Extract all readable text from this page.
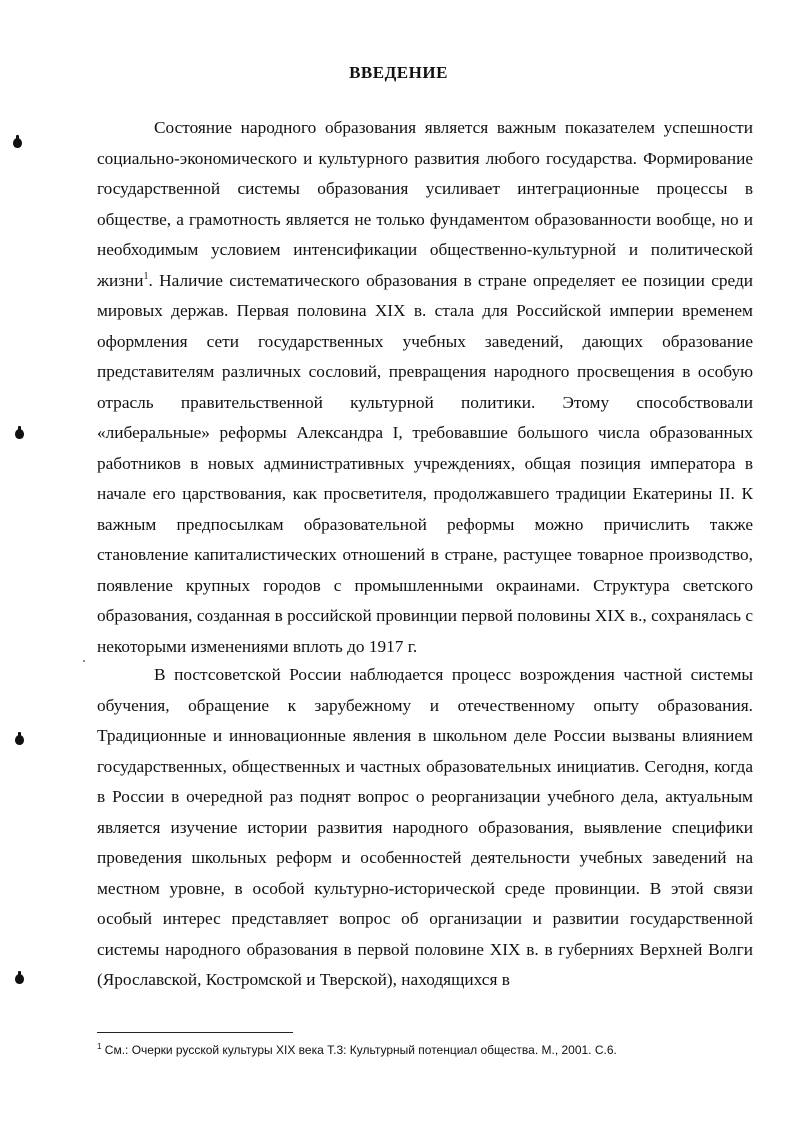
ВВЕДЕНИЕ

Состояние народного образования является важным показателем успешности социально-экономического и культурного развития любого государства. Формирование государственной системы образования усиливает интеграционные процессы в обществе, а грамотность является не только фундаментом образованности вообще, но и необходимым условием интенсификации общественно-культурной и политической жизни$^1$. Наличие систематического образования в стране определяет ее позиции среди мировых держав. Первая половина XIX в. стала для Российской империи временем оформления сети государственных учебных заведений, дающих образование представителям различных сословий, превращения народного просвещения в особую отрасль правительственной культурной политики. Этому способствовали «либеральные» реформы Александра I, требовавшие большого числа образованных работников в новых административных учреждениях, общая позиция императора в начале его царствования, как просветителя, продолжавшего традиции Екатерины II. К важным предпосылкам образовательной реформы можно причислить также становление капиталистических отношений в стране, растущее товарное производство, появление крупных городов с промышленными окраинами. Структура светского образования, созданная в российской провинции первой половины XIX в., сохранялась с некоторыми изменениями вплоть до 1917 г.

В постсоветской России наблюдается процесс возрождения частной системы обучения, обращение к зарубежному и отечественному опыту образования. Традиционные и инновационные явления в школьном деле России вызваны влиянием государственных, общественных и частных образовательных инициатив. Сегодня, когда в России в очередной раз поднят вопрос о реорганизации учебного дела, актуальным является изучение истории развития народного образования, выявление специфики проведения школьных реформ и особенностей деятельности учебных заведений на местном уровне, в особой культурно-исторической среде провинции. В этой связи особый интерес представляет вопрос об организации и развитии государственной системы народного образования в первой половине XIX в. в губерниях Верхней Волги (Ярославской, Костромской и Тверской), находящихся в

$^1$ См.: Очерки русской культуры XIX века Т.3: Культурный потенциал общества. М., 2001. С.6.
